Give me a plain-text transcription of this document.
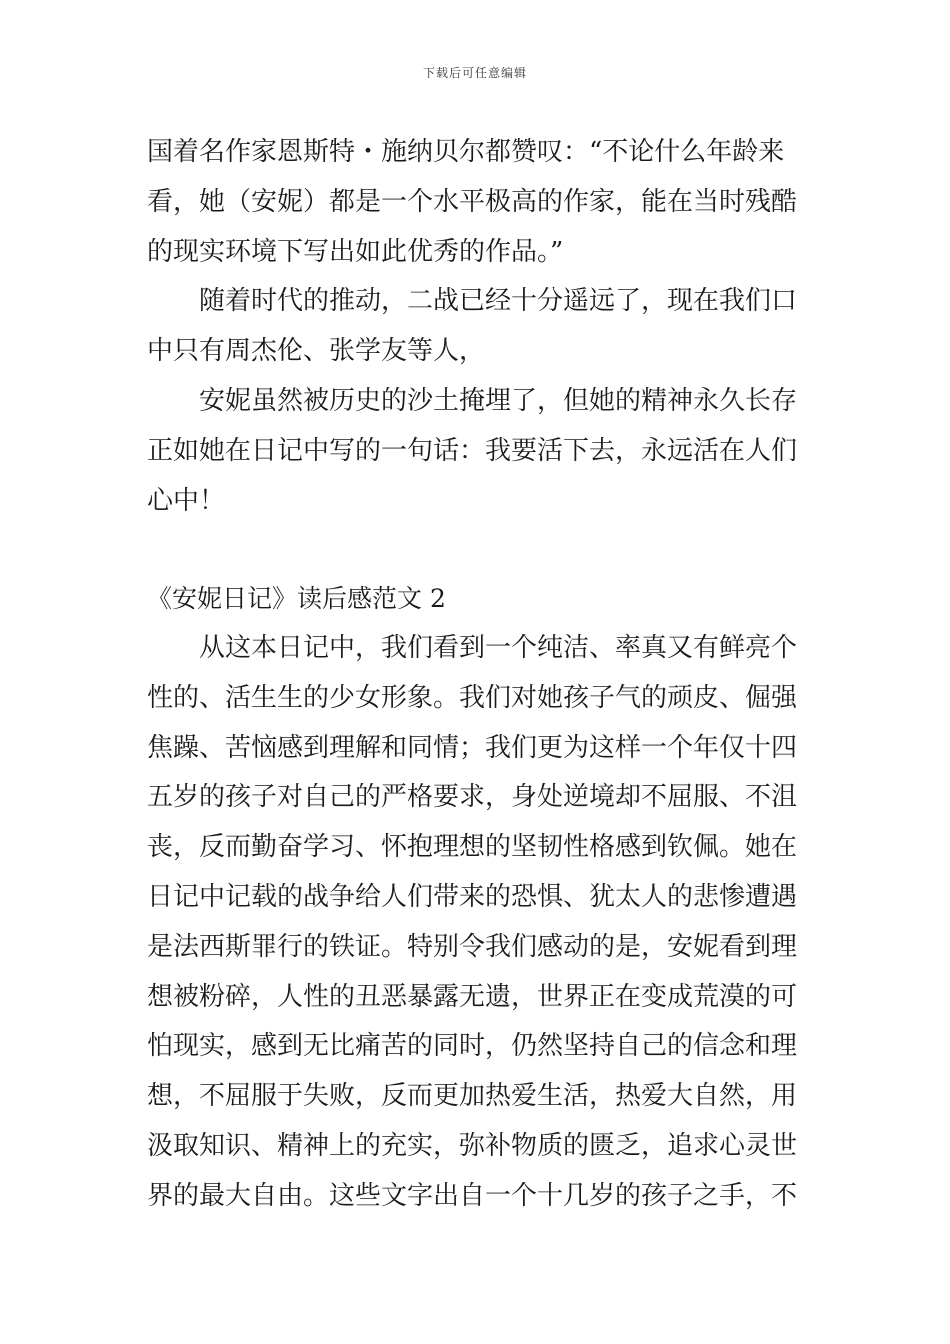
下载后可任意编辑
国着名作家恩斯特・施纳贝尔都赞叹：“不论什么年龄来
看，她（安妮）都是一个水平极高的作家，能在当时残酷
的现实环境下写出如此优秀的作品。”
随着时代的推动，二战已经十分遥远了，现在我们口
中只有周杰伦、张学友等人，
安妮虽然被历史的沙土掩埋了，但她的精神永久长存
正如她在日记中写的一句话：我要活下去，永远活在人们
心中！
《安妮日记》读后感范文 2
从这本日记中，我们看到一个纯洁、率真又有鲜亮个
性的、活生生的少女形象。我们对她孩子气的顽皮、倔强
焦躁、苦恼感到理解和同情；我们更为这样一个年仅十四
五岁的孩子对自己的严格要求，身处逆境却不屈服、不沮
丧，反而勤奋学习、怀抱理想的坚韧性格感到钦佩。她在
日记中记载的战争给人们带来的恐惧、犹太人的悲惨遭遇
是法西斯罪行的铁证。特别令我们感动的是，安妮看到理
想被粉碎，人性的丑恶暴露无遗，世界正在变成荒漠的可
怕现实，感到无比痛苦的同时，仍然坚持自己的信念和理
想，不屈服于失败，反而更加热爱生活，热爱大自然，用
汲取知识、精神上的充实，弥补物质的匮乏，追求心灵世
界的最大自由。这些文字出自一个十几岁的孩子之手，不
